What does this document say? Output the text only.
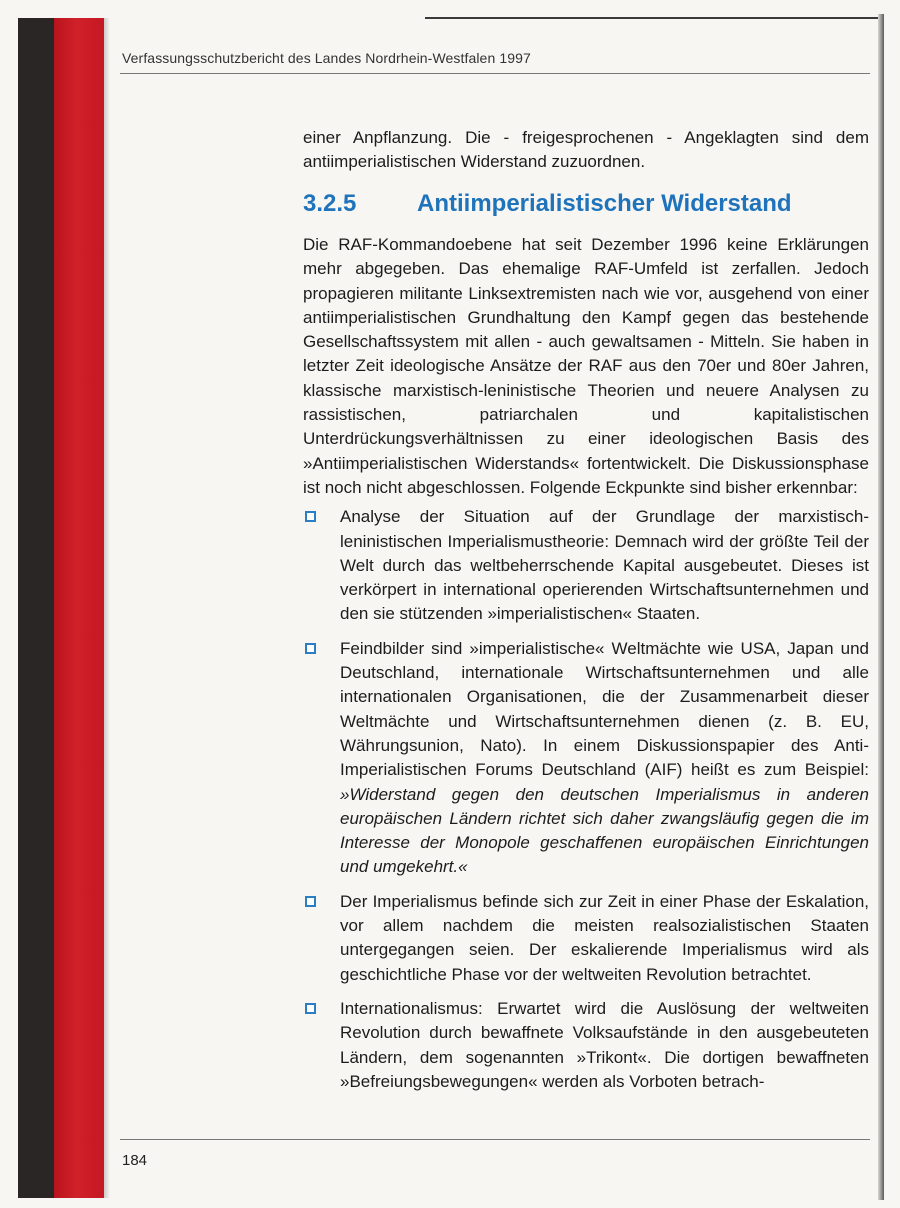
Verfassungsschutzbericht des Landes Nordrhein-Westfalen 1997

einer Anpflanzung. Die - freigesprochenen - Angeklagten sind dem antiimperialistischen Widerstand zuzuordnen.

3.2.5	Antiimperialistischer Widerstand

Die RAF-Kommandoebene hat seit Dezember 1996 keine Erklärungen mehr abgegeben. Das ehemalige RAF-Umfeld ist zerfallen. Jedoch propagieren militante Linksextremisten nach wie vor, ausgehend von einer antiimperialistischen Grundhaltung den Kampf gegen das bestehende Gesellschaftssystem mit allen - auch gewaltsamen - Mitteln. Sie haben in letzter Zeit ideologische Ansätze der RAF aus den 70er und 80er Jahren, klassische marxistisch-leninistische Theorien und neuere Analysen zu rassistischen, patriarchalen und kapitalistischen Unterdrückungsverhältnissen zu einer ideologischen Basis des »Antiimperialistischen Widerstands« fortentwickelt. Die Diskussionsphase ist noch nicht abgeschlossen. Folgende Eckpunkte sind bisher erkennbar:

Analyse der Situation auf der Grundlage der marxistisch-leninistischen Imperialismustheorie: Demnach wird der größte Teil der Welt durch das weltbeherrschende Kapital ausgebeutet. Dieses ist verkörpert in international operierenden Wirtschaftsunternehmen und den sie stützenden »imperialistischen« Staaten.
Feindbilder sind »imperialistische« Weltmächte wie USA, Japan und Deutschland, internationale Wirtschaftsunternehmen und alle internationalen Organisationen, die der Zusammenarbeit dieser Weltmächte und Wirtschaftsunternehmen dienen (z. B. EU, Währungsunion, Nato). In einem Diskussionspapier des Anti-Imperialistischen Forums Deutschland (AIF) heißt es zum Beispiel: »Widerstand gegen den deutschen Imperialismus in anderen europäischen Ländern richtet sich daher zwangsläufig gegen die im Interesse der Monopole geschaffenen europäischen Einrichtungen und umgekehrt.«
Der Imperialismus befinde sich zur Zeit in einer Phase der Eskalation, vor allem nachdem die meisten realsozialistischen Staaten untergegangen seien. Der eskalierende Imperialismus wird als geschichtliche Phase vor der weltweiten Revolution betrachtet.
Internationalismus: Erwartet wird die Auslösung der weltweiten Revolution durch bewaffnete Volksaufstände in den ausgebeuteten Ländern, dem sogenannten »Trikont«. Die dortigen bewaffneten »Befreiungsbewegungen« werden als Vorboten betrach-
184
